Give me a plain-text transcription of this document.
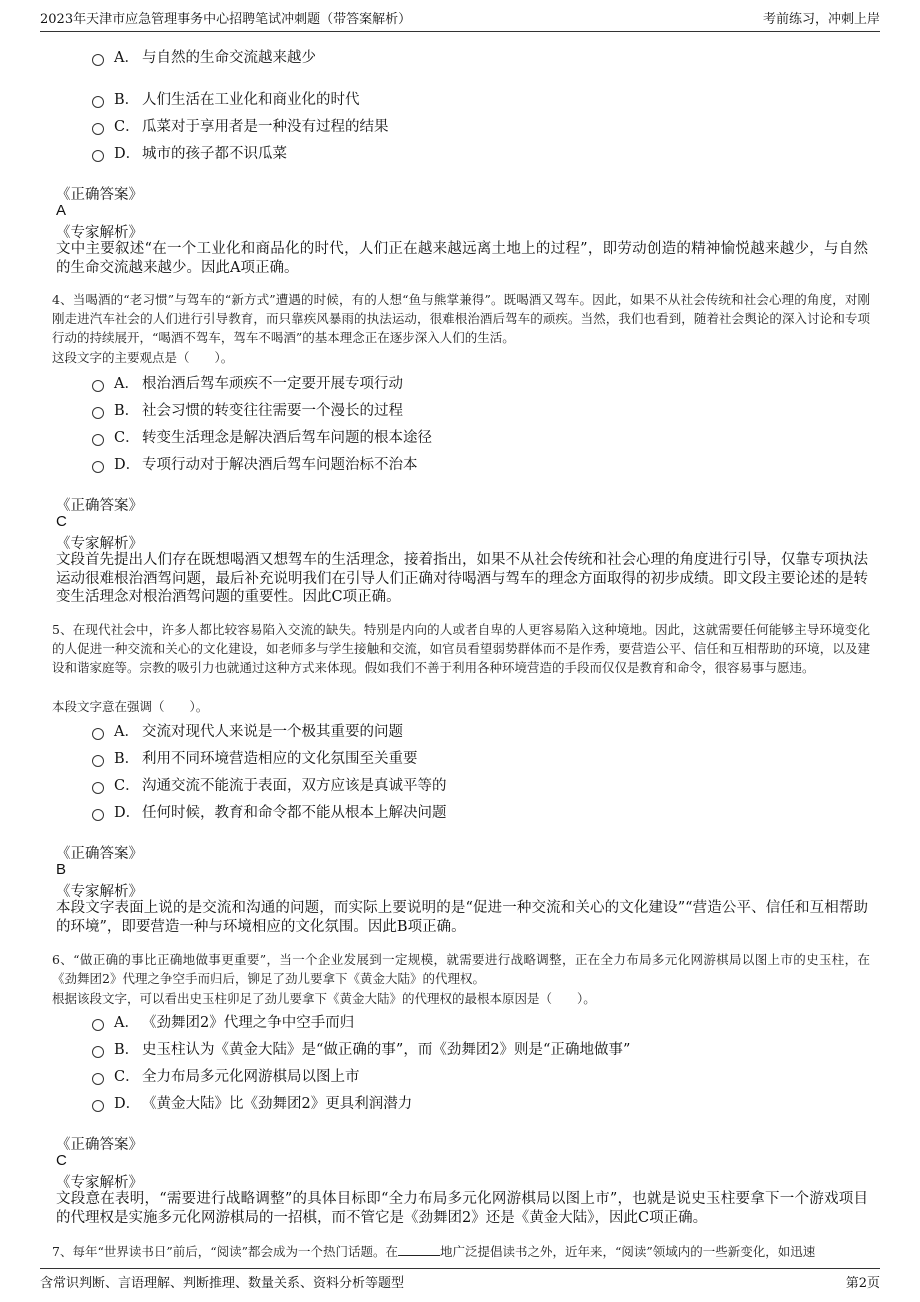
2023年天津市应急管理事务中心招聘笔试冲刺题（带答案解析）	考前练习，冲刺上岸
A． 与自然的生命交流越来越少
B． 人们生活在工业化和商业化的时代
C． 瓜菜对于享用者是一种没有过程的结果
D． 城市的孩子都不识瓜菜
《正确答案》
A
《专家解析》
文中主要叙述“在一个工业化和商品化的时代，人们正在越来越远离土地上的过程”，即劳动创造的精神愉悦越来越少，与自然的生命交流越来越少。因此A项正确。
4、当喝酒的“老习惯”与驾车的“新方式”遭遇的时候，有的人想“鱼与熊掌兼得”。既喝酒又驾车。因此，如果不从社会传统和社会心理的角度，对刚刚走进汽车社会的人们进行引导教育，而只靠疾风暴雨的执法运动，很难根治酒后驾车的顽疾。当然，我们也看到，随着社会舆论的深入讨论和专项行动的持续展开，“喝酒不驾车，驾车不喝酒”的基本理念正在逐步深入人们的生活。
这段文字的主要观点是（　　）。
A． 根治酒后驾车顽疾不一定要开展专项行动
B． 社会习惯的转变往往需要一个漫长的过程
C． 转变生活理念是解决酒后驾车问题的根本途径
D． 专项行动对于解决酒后驾车问题治标不治本
《正确答案》
C
《专家解析》
文段首先提出人们存在既想喝酒又想驾车的生活理念，接着指出，如果不从社会传统和社会心理的角度进行引导，仅靠专项执法运动很难根治酒驾问题，最后补充说明我们在引导人们正确对待喝酒与驾车的理念方面取得的初步成绩。即文段主要论述的是转变生活理念对根治酒驾问题的重要性。因此C项正确。
5、在现代社会中，许多人都比较容易陷入交流的缺失。特别是内向的人或者自卑的人更容易陷入这种境地。因此，这就需要任何能够主导环境变化的人促进一种交流和关心的文化建设，如老师多与学生接触和交流，如官员看望弱势群体而不是作秀，要营造公平、信任和互相帮助的环境，以及建设和谐家庭等。宗教的吸引力也就通过这种方式来体现。假如我们不善于利用各种环境营造的手段而仅仅是教育和命令，很容易事与愿违。
本段文字意在强调（　　）。
A． 交流对现代人来说是一个极其重要的问题
B． 利用不同环境营造相应的文化氛围至关重要
C． 沟通交流不能流于表面，双方应该是真诚平等的
D． 任何时候，教育和命令都不能从根本上解决问题
《正确答案》
B
《专家解析》
本段文字表面上说的是交流和沟通的问题，而实际上要说明的是“促进一种交流和关心的文化建设”“营造公平、信任和互相帮助的环境”，即要营造一种与环境相应的文化氛围。因此B项正确。
6、“做正确的事比正确地做事更重要”，当一个企业发展到一定规模，就需要进行战略调整，正在全力布局多元化网游棋局以图上市的史玉柱，在《劲舞团2》代理之争空手而归后，铆足了劲儿要拿下《黄金大陆》的代理权。
根据该段文字，可以看出史玉柱卯足了劲儿要拿下《黄金大陆》的代理权的最根本原因是（　　）。
A． 《劲舞团2》代理之争中空手而归
B． 史玉柱认为《黄金大陆》是“做正确的事”，而《劲舞团2》则是“正确地做事”
C． 全力布局多元化网游棋局以图上市
D． 《黄金大陆》比《劲舞团2》更具利润潜力
《正确答案》
C
《专家解析》
文段意在表明，“需要进行战略调整”的具体目标即“全力布局多元化网游棋局以图上市”，也就是说史玉柱要拿下一个游戏项目的代理权是实施多元化网游棋局的一招棋，而不管它是《劲舞团2》还是《黄金大陆》，因此C项正确。
7、每年“世界读书日”前后，“阅读”都会成为一个热门话题。在	地广泛提倡读书之外，近年来，“阅读”领域内的一些新变化，如迅速
含常识判断、言语理解、判断推理、数量关系、资料分析等题型	第2页
